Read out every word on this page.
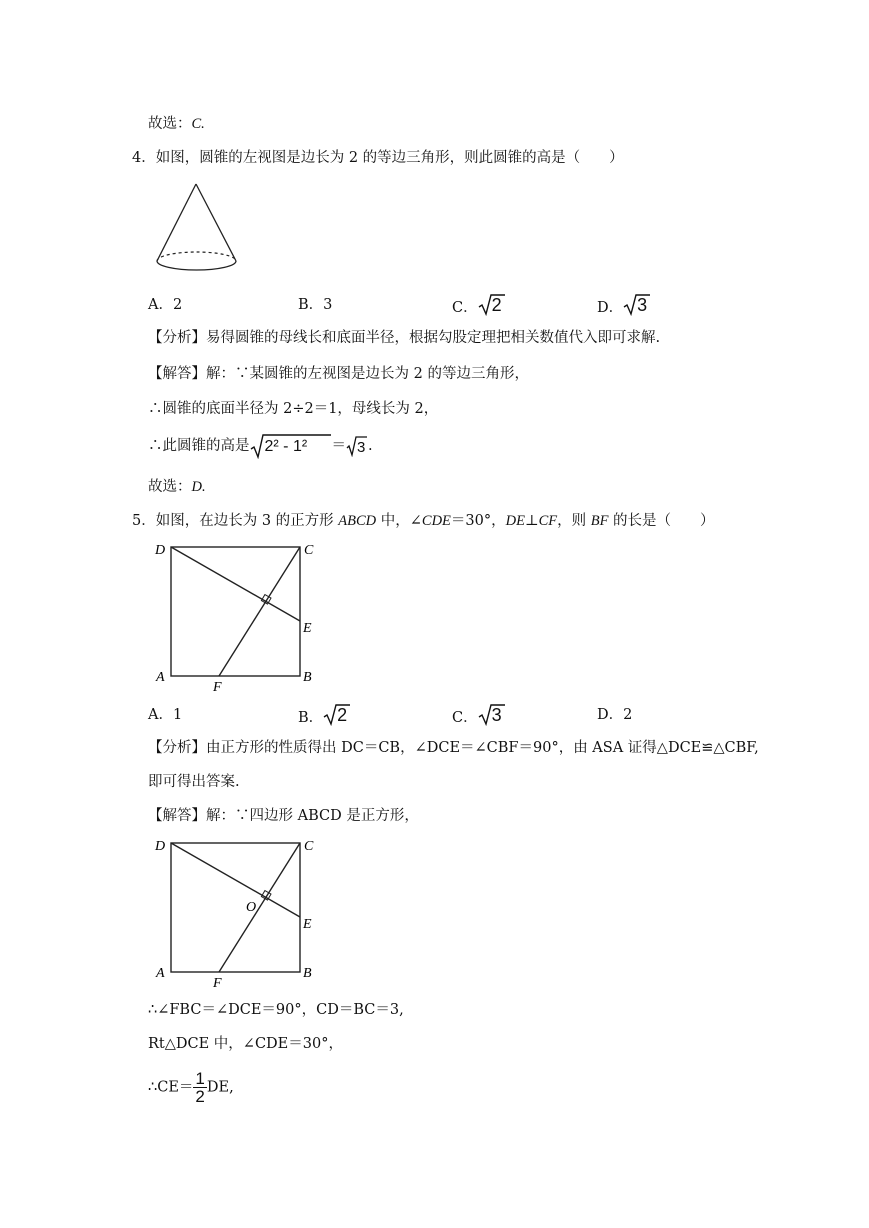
故选：C.
4．如图，圆锥的左视图是边长为 2 的等边三角形，则此圆锥的高是（　　）
A．2	B．3	C． 2	D． 3
【分析】易得圆锥的母线长和底面半径，根据勾股定理把相关数值代入即可求解.
【解答】解：∵某圆锥的左视图是边长为 2 的等边三角形，
∴圆锥的底面半径为 2÷2＝1，母线长为 2，
∴此圆锥的高是 2² - 1² ＝ 3 .
故选：D.
5．如图，在边长为 3 的正方形 ABCD 中，∠CDE＝30°，DE⊥CF，则 BF 的长是（　　）
D	C
E
A
F
B
A．1	B． 2	C． 3	D．2
【分析】由正方形的性质得出 DC＝CB，∠DCE＝∠CBF＝90°，由 ASA 证得△DCE≌△CBF,
即可得出答案.
【解答】解：∵四边形 ABCD 是正方形，
D	C
O
E
A
F
B
∴∠FBC＝∠DCE＝90°，CD＝BC＝3,
Rt△DCE 中，∠CDE＝30°，
∴CE＝ $\frac{1}{2}$ DE,
